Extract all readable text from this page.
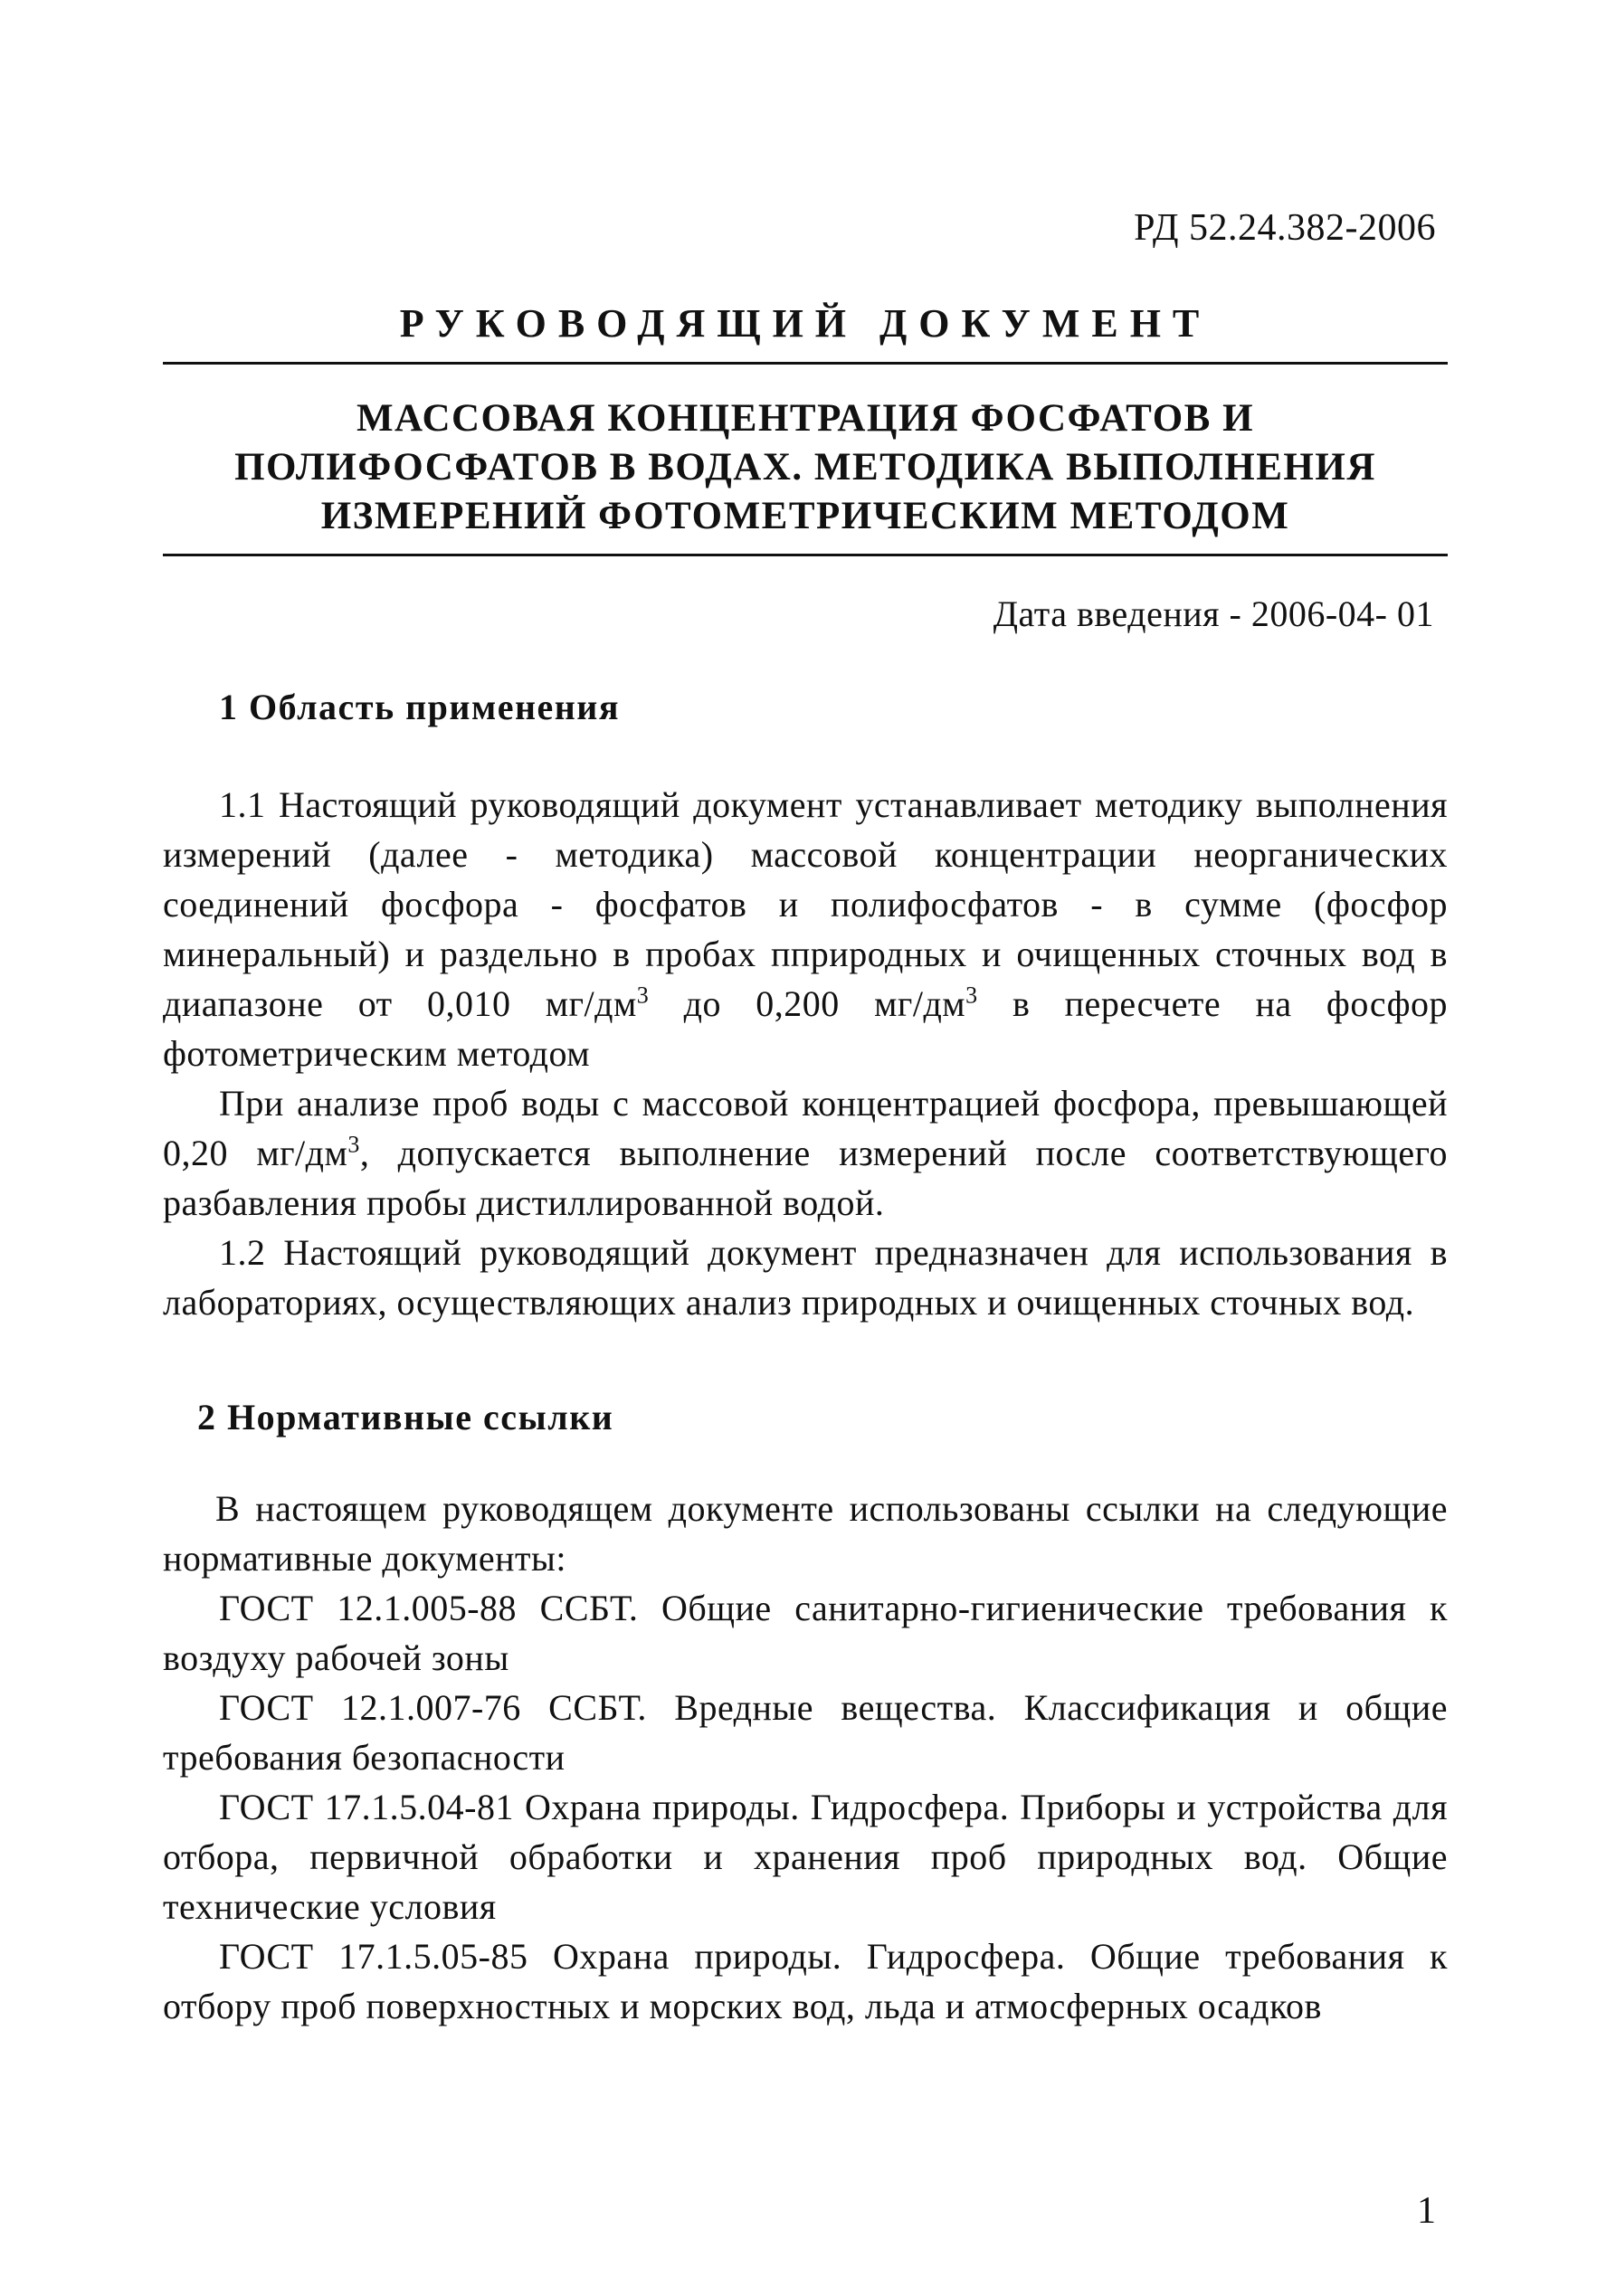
РД 52.24.382-2006
РУКОВОДЯЩИЙ ДОКУМЕНТ
МАССОВАЯ КОНЦЕНТРАЦИЯ ФОСФАТОВ И
ПОЛИФОСФАТОВ В ВОДАХ. МЕТОДИКА ВЫПОЛНЕНИЯ
ИЗМЕРЕНИЙ ФОТОМЕТРИЧЕСКИМ МЕТОДОМ
Дата введения - 2006-04- 01
1 Область применения

1.1 Настоящий руководящий документ устанавливает методику выполнения измерений (далее - методика) массовой концентрации неорганических соединений фосфора - фосфатов и полифосфатов - в сумме (фосфор минеральный) и раздельно в пробах пприродных и очищенных сточных вод в диапазоне от 0,010 $мг/дм^3$ до 0,200 $мг/дм^3$ в пересчете на фосфор фотометрическим методом

При анализе проб воды с массовой концентрацией фосфора, превышающей 0,20 $мг/дм^3$, допускается выполнение измерений после соответствующего разбавления пробы дистиллированной водой.

1.2 Настоящий руководящий документ предназначен для использования в лабораториях, осуществляющих анализ природных и очищенных сточных вод.

2 Нормативные ссылки

В настоящем руководящем документе использованы ссылки на следующие нормативные документы:

ГОСТ 12.1.005-88 ССБТ. Общие санитарно-гигиенические требования к воздуху рабочей зоны

ГОСТ 12.1.007-76 ССБТ. Вредные вещества. Классификация и общие требования безопасности

ГОСТ 17.1.5.04-81 Охрана природы. Гидросфера. Приборы и устройства для отбора, первичной обработки и хранения проб природных вод. Общие технические условия

ГОСТ 17.1.5.05-85 Охрана природы. Гидросфера. Общие требования к отбору проб поверхностных и морских вод, льда и атмосферных осадков

1
